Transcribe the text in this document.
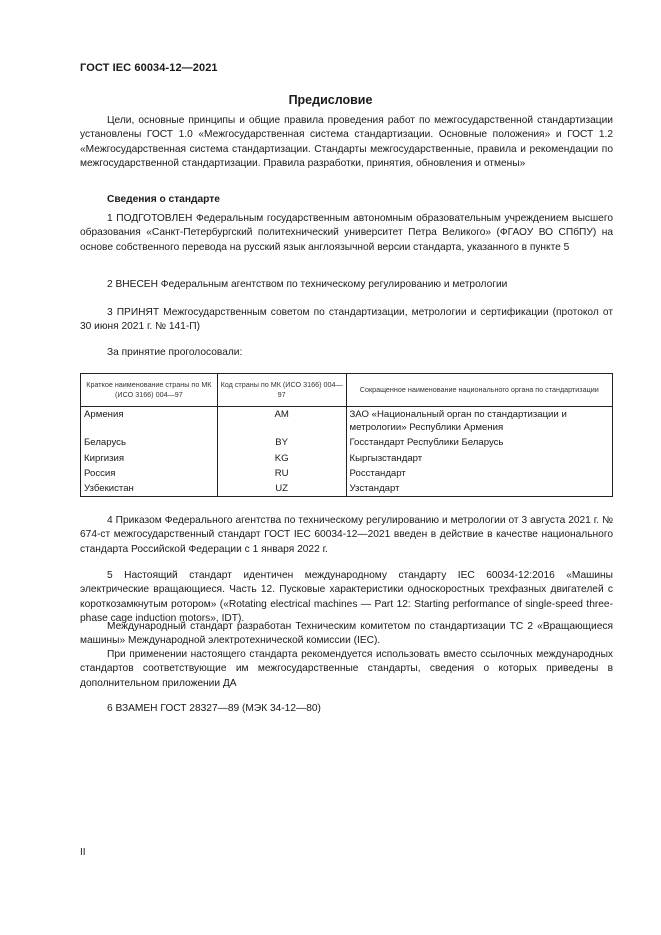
ГОСТ IEC 60034-12—2021
Предисловие
Цели, основные принципы и общие правила проведения работ по межгосударственной стандартизации установлены ГОСТ 1.0 «Межгосударственная система стандартизации. Основные положения» и ГОСТ 1.2 «Межгосударственная система стандартизации. Стандарты межгосударственные, правила и рекомендации по межгосударственной стандартизации. Правила разработки, принятия, обновления и отмены»
Сведения о стандарте
1 ПОДГОТОВЛЕН Федеральным государственным автономным образовательным учреждением высшего образования «Санкт-Петербургский политехнический университет Петра Великого» (ФГАОУ ВО СПбПУ) на основе собственного перевода на русский язык англоязычной версии стандарта, указанного в пункте 5
2 ВНЕСЕН Федеральным агентством по техническому регулированию и метрологии
3 ПРИНЯТ Межгосударственным советом по стандартизации, метрологии и сертификации (протокол от 30 июня 2021 г. № 141-П)
За принятие проголосовали:
Краткое наименование страны по МК (ИСО 3166) 004—97	Код страны по МК (ИСО 3166) 004—97	Сокращенное наименование национального органа по стандартизации
Армения	AM	ЗАО «Национальный орган по стандартизации и метрологии» Республики Армения
Беларусь	BY	Госстандарт Республики Беларусь
Киргизия	KG	Кыргызстандарт
Россия	RU	Росстандарт
Узбекистан	UZ	Узстандарт
4 Приказом Федерального агентства по техническому регулированию и метрологии от 3 августа 2021 г. № 674-ст межгосударственный стандарт ГОСТ IEC 60034-12—2021 введен в действие в качестве национального стандарта Российской Федерации с 1 января 2022 г.
5 Настоящий стандарт идентичен международному стандарту IEC 60034-12:2016 «Машины электрические вращающиеся. Часть 12. Пусковые характеристики односкоростных трехфазных двигателей с короткозамкнутым ротором» («Rotating electrical machines — Part 12: Starting performance of single-speed three-phase cage induction motors», IDT).
Международный стандарт разработан Техническим комитетом по стандартизации TC 2 «Вращающиеся машины» Международной электротехнической комиссии (IEC).
При применении настоящего стандарта рекомендуется использовать вместо ссылочных международных стандартов соответствующие им межгосударственные стандарты, сведения о которых приведены в дополнительном приложении ДА
6 ВЗАМЕН ГОСТ 28327—89 (МЭК 34-12—80)
II
